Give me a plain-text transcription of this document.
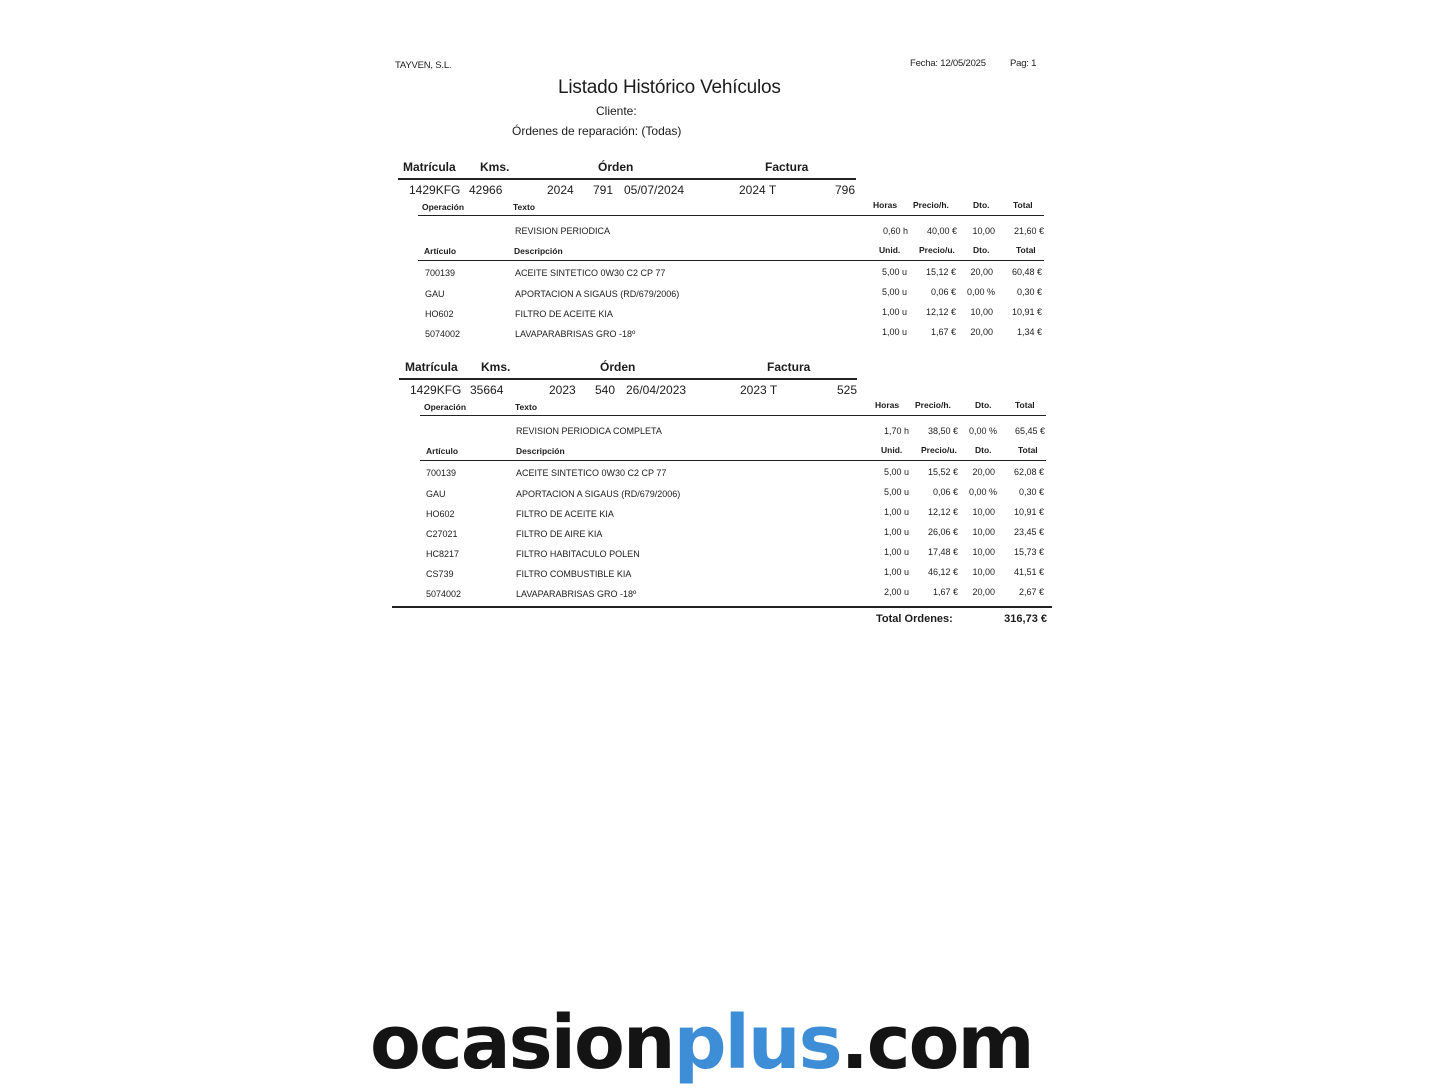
TAYVEN, S.L.	Fecha: 12/05/2025	Pag: 1
Listado Histórico Vehículos
Cliente:
Órdenes de reparación: (Todas)
Matrícula Kms.	Órden	Factura
1429KFG 42966	2024 791 05/07/2024	2024 T	796
Operación	Texto	Horas Precio/h.	Dto.	Total
REVISION PERIODICA	0,60 h	40,00 €	10,00	21,60 €
Artículo	Descripción	Unid. Precio/u. Dto.	Total
700139	ACEITE SINTETICO 0W30 C2 CP 77	5,00 u	15,12 €	20,00	60,48 €
GAU	APORTACION A SIGAUS (RD/679/2006)	5,00 u	0,06 €	0,00 %	0,30 €
HO602	FILTRO DE ACEITE KIA	1,00 u	12,12 €	10,00	10,91 €
5074002	LAVAPARABRISAS GRO -18º	1,00 u	1,67 €	20,00	1,34 €
Matrícula Kms.	Órden	Factura
1429KFG 35664	2023 540 26/04/2023	2023 T	525
Operación	Texto	Horas Precio/h.	Dto.	Total
REVISION PERIODICA COMPLETA	1,70 h	38,50 €	0,00 %	65,45 €
Artículo	Descripción	Unid. Precio/u. Dto.	Total
700139	ACEITE SINTETICO 0W30 C2 CP 77	5,00 u	15,52 €	20,00	62,08 €
GAU	APORTACION A SIGAUS (RD/679/2006)	5,00 u	0,06 €	0,00 %	0,30 €
HO602	FILTRO DE ACEITE KIA	1,00 u	12,12 €	10,00	10,91 €
C27021	FILTRO DE AIRE KIA	1,00 u	26,06 €	10,00	23,45 €
HC8217	FILTRO HABITACULO POLEN	1,00 u	17,48 €	10,00	15,73 €
CS739	FILTRO COMBUSTIBLE KIA	1,00 u	46,12 €	10,00	41,51 €
5074002	LAVAPARABRISAS GRO -18º	2,00 u	1,67 €	20,00	2,67 €
Total Ordenes:	316,73 €
ocasionplus.com
